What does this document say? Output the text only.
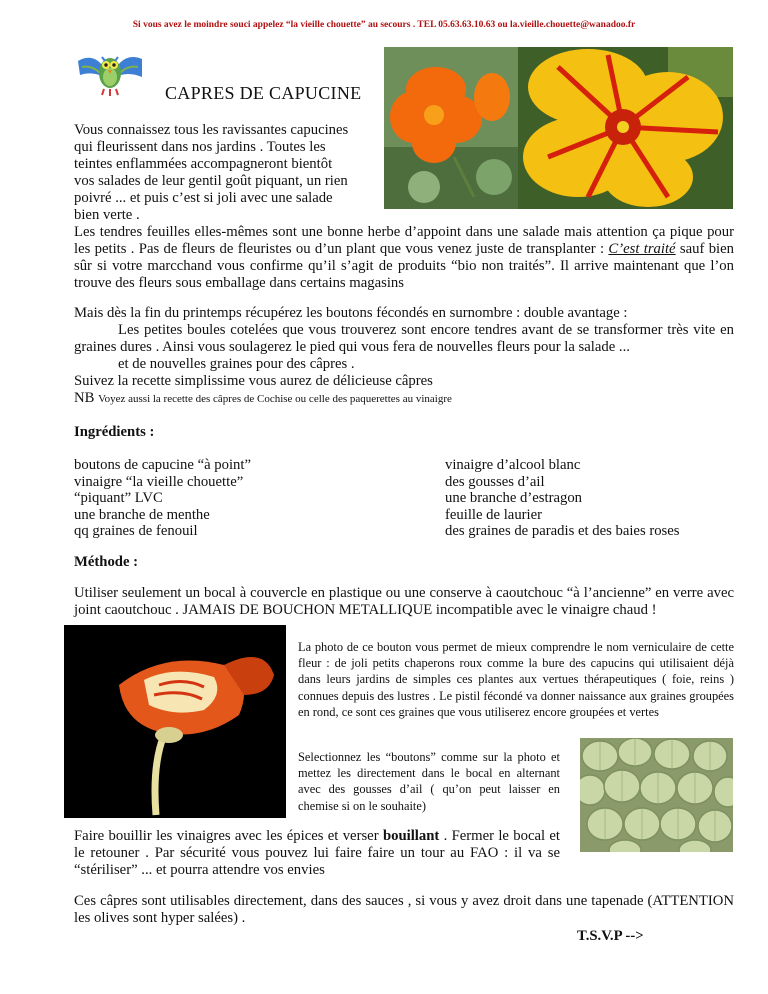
Si vous avez le moindre souci appelez “la vieille chouette” au secours . TEL 05.63.63.10.63 ou la.vieille.chouette@wanadoo.fr
CAPRES DE CAPUCINE
Vous connaissez tous les ravissantes capucines
qui fleurissent dans nos jardins . Toutes les
teintes enflammées accompagneront bientôt
vos salades de leur gentil goût piquant, un rien
poivré ... et puis c’est si joli avec une salade
bien verte .
Les tendres feuilles elles-mêmes sont une bonne herbe d’appoint dans une salade mais attention ça pique pour les petits . Pas de fleurs de fleuristes ou d’un plant que vous venez juste de transplanter : C’est traité sauf bien sûr si votre marcchand vous confirme qu’il s’agit de produits “bio non traités”. Il arrive maintenant que l’on trouve des fleurs sous emballage dans certains magasins
Mais dès la fin du printemps récupérez les boutons fécondés en surnombre : double avantage :
Les petites boules cotelées que vous trouverez sont encore tendres avant de se transformer très vite en graines dures . Ainsi vous soulagerez le pied qui vous fera de nouvelles fleurs pour la salade ...
et de nouvelles graines pour des câpres .
Suivez la recette simplissime vous aurez de délicieuse câpres
NB Voyez aussi la recette des câpres de Cochise ou celle des paquerettes au vinaigre
Ingrédients :
boutons de capucine “à point”
vinaigre “la vieille chouette”
“piquant” LVC
une branche de menthe
qq graines de fenouil
vinaigre d’alcool blanc
des gousses d’ail
une branche d’estragon
feuille de laurier
des graines de paradis et des baies roses
Méthode :
Utiliser seulement un bocal à couvercle en plastique ou une conserve à caoutchouc “à l’ancienne” en verre avec joint caoutchouc . JAMAIS DE BOUCHON METALLIQUE incompatible avec le vinaigre chaud !
La photo de ce bouton vous permet de mieux comprendre le nom verniculaire de cette fleur : de joli petits chaperons roux comme la bure des capucins qui utilisaient déjà dans leurs jardins de simples ces plantes aux vertues thérapeutiques ( foie, reins ) connues depuis des lustres . Le pistil fécondé va donner naissance aux graines groupées en rond, ce sont ces graines que vous utiliserez encore groupées et vertes
Selectionnez les “boutons” comme sur la photo et mettez les directement dans le bocal en alternant avec des gousses d’ail ( qu’on peut laisser en chemise si on le souhaite)
Faire bouillir les vinaigres avec les épices et verser bouillant . Fermer le bocal et le retouner . Par sécurité vous pouvez lui faire faire un tour au FAO : il va se “stériliser” ... et pourra attendre vos envies
Ces câpres sont utilisables directement, dans des sauces , si vous y avez droit dans une tapenade (ATTENTION les olives sont hyper salées) .
T.S.V.P -->
